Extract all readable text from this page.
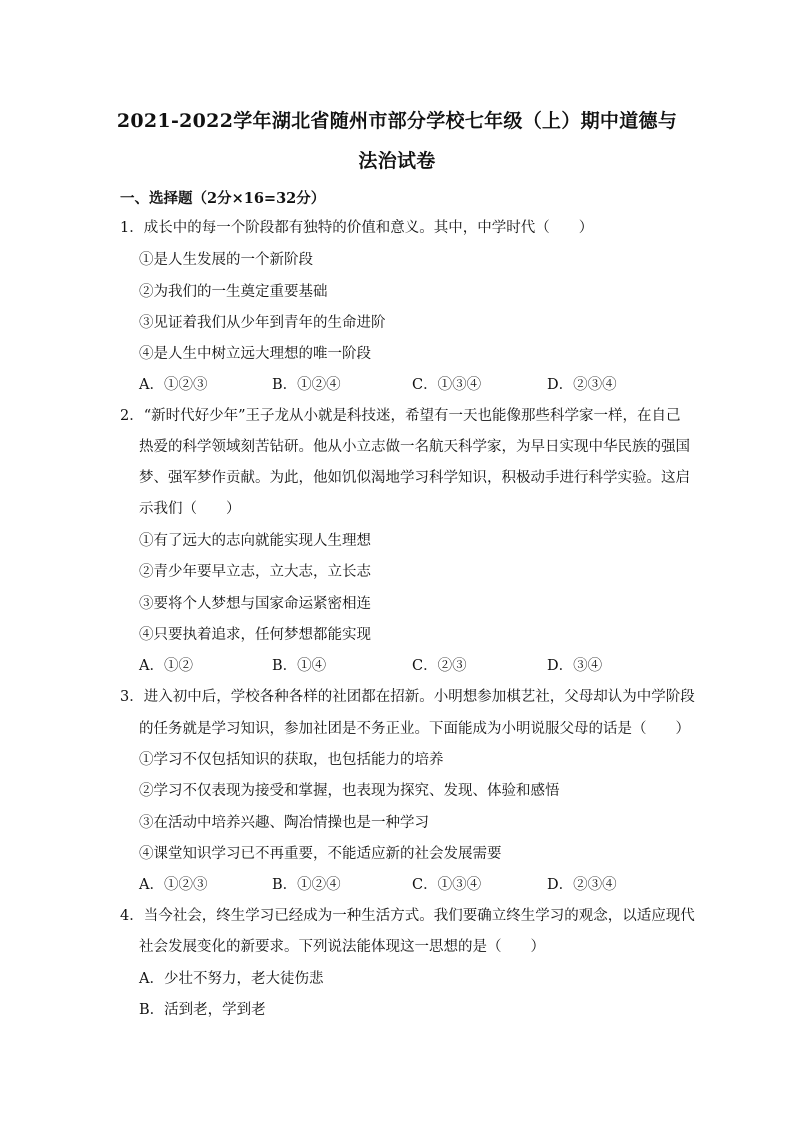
2021-2022学年湖北省随州市部分学校七年级（上）期中道德与
法治试卷
一、选择题（2分×16=32分）
1．成长中的每一个阶段都有独特的价值和意义。其中，中学时代（　　）
①是人生发展的一个新阶段
②为我们的一生奠定重要基础
③见证着我们从少年到青年的生命进阶
④是人生中树立远大理想的唯一阶段
A．①②③	B．①②④	C．①③④	D．②③④
2．“新时代好少年”王子龙从小就是科技迷，希望有一天也能像那些科学家一样，在自己
热爱的科学领域刻苦钻研。他从小立志做一名航天科学家，为早日实现中华民族的强国
梦、强军梦作贡献。为此，他如饥似渴地学习科学知识，积极动手进行科学实验。这启
示我们（　　）
①有了远大的志向就能实现人生理想
②青少年要早立志，立大志，立长志
③要将个人梦想与国家命运紧密相连
④只要执着追求，任何梦想都能实现
A．①②	B．①④	C．②③	D．③④
3．进入初中后，学校各种各样的社团都在招新。小明想参加棋艺社，父母却认为中学阶段
的任务就是学习知识，参加社团是不务正业。下面能成为小明说服父母的话是（　　）
①学习不仅包括知识的获取，也包括能力的培养
②学习不仅表现为接受和掌握，也表现为探究、发现、体验和感悟
③在活动中培养兴趣、陶冶情操也是一种学习
④课堂知识学习已不再重要，不能适应新的社会发展需要
A．①②③	B．①②④	C．①③④	D．②③④
4．当今社会，终生学习已经成为一种生活方式。我们要确立终生学习的观念，以适应现代
社会发展变化的新要求。下列说法能体现这一思想的是（　　）
A．少壮不努力，老大徒伤悲
B．活到老，学到老
